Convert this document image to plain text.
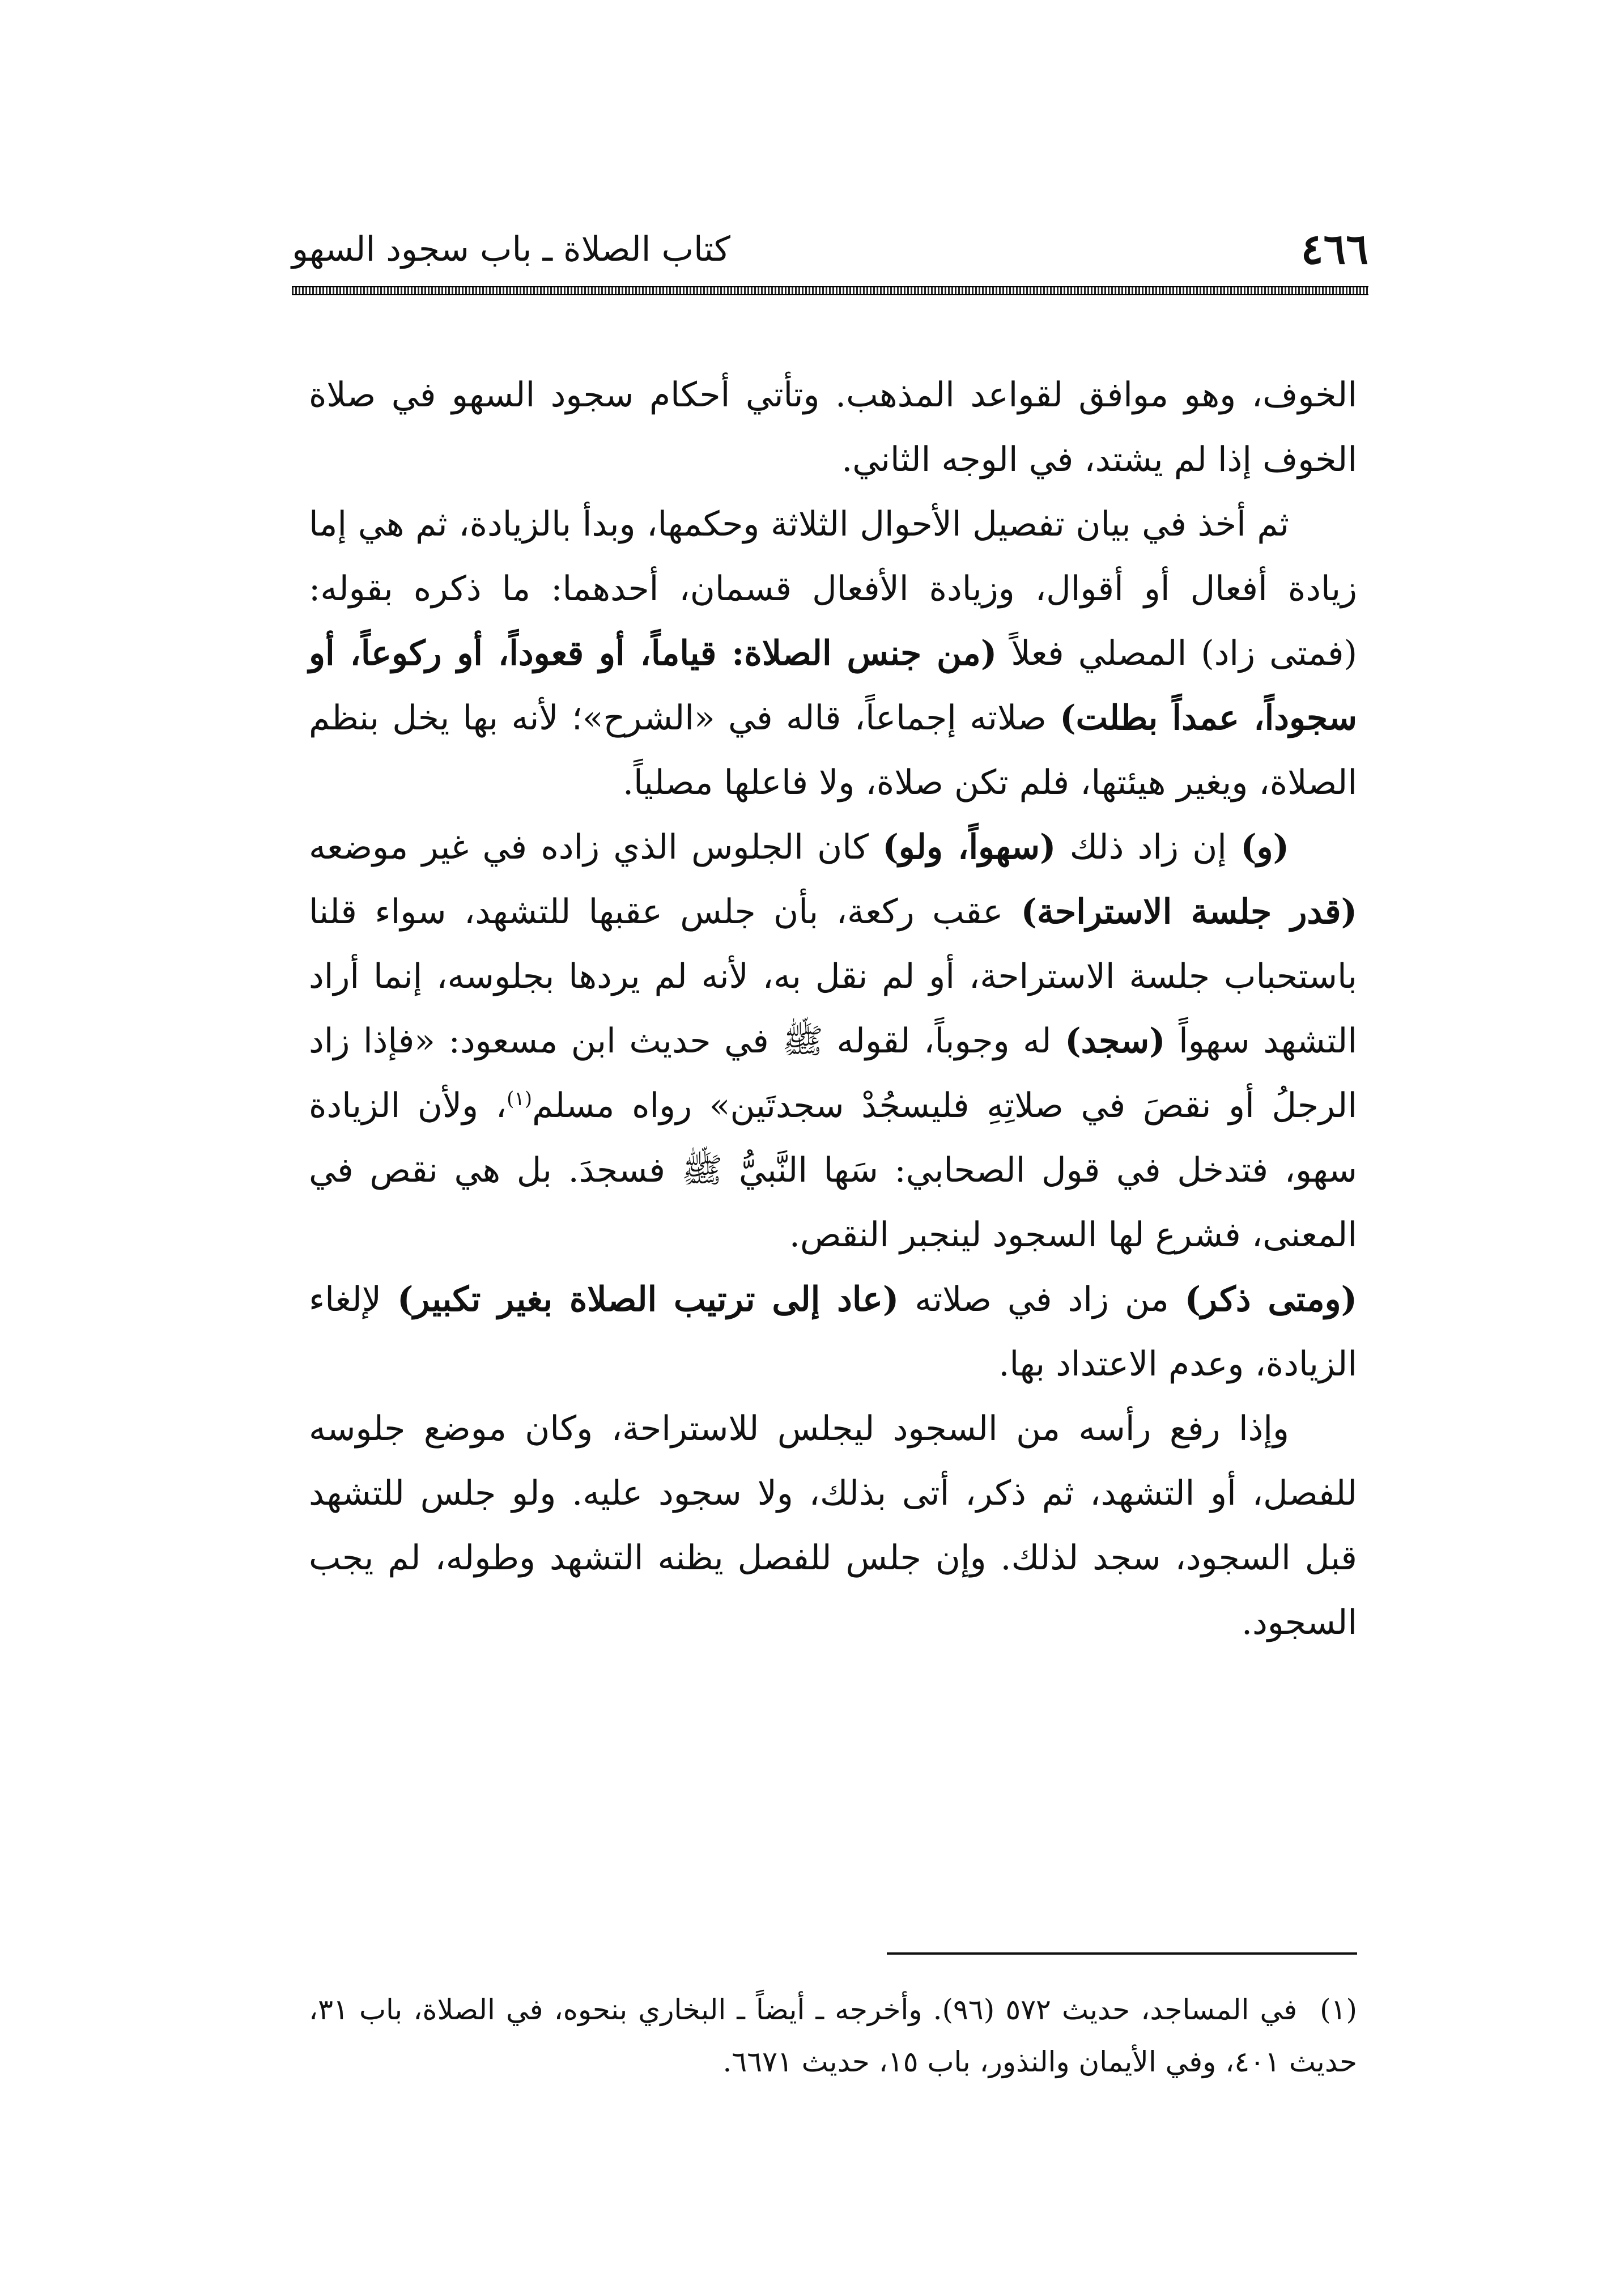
٤٦٦
كتاب الصلاة ـ باب سجود السهو

الخوف، وهو موافق لقواعد المذهب. وتأتي أحكام سجود السهو في صلاة الخوف إذا لم يشتد، في الوجه الثاني.

ثم أخذ في بيان تفصيل الأحوال الثلاثة وحكمها، وبدأ بالزيادة، ثم هي إما زيادة أفعال أو أقوال، وزيادة الأفعال قسمان، أحدهما: ما ذكره بقوله: (فمتى زاد) المصلي فعلاً (من جنس الصلاة: قياماً، أو قعوداً، أو ركوعاً، أو سجوداً، عمداً بطلت) صلاته إجماعاً، قاله في «الشرح»؛ لأنه بها يخل بنظم الصلاة، ويغير هيئتها، فلم تكن صلاة، ولا فاعلها مصلياً.

(و) إن زاد ذلك (سهواً، ولو) كان الجلوس الذي زاده في غير موضعه (قدر جلسة الاستراحة) عقب ركعة، بأن جلس عقبها للتشهد، سواء قلنا باستحباب جلسة الاستراحة، أو لم نقل به، لأنه لم يردها بجلوسه، إنما أراد التشهد سهواً (سجد) له وجوباً، لقوله ﷺ في حديث ابن مسعود: «فإذا زاد الرجلُ أو نقصَ في صلاتِهِ فليسجُدْ سجدتَين» رواه مسلم$^{(١)}$، ولأن الزيادة سهو، فتدخل في قول الصحابي: سَها النَّبيُّ ﷺ فسجدَ. بل هي نقص في المعنى، فشرع لها السجود لينجبر النقص.

(ومتى ذكر) من زاد في صلاته (عاد إلى ترتيب الصلاة بغير تكبير) لإلغاء الزيادة، وعدم الاعتداد بها.

وإذا رفع رأسه من السجود ليجلس للاستراحة، وكان موضع جلوسه للفصل، أو التشهد، ثم ذكر، أتى بذلك، ولا سجود عليه. ولو جلس للتشهد قبل السجود، سجد لذلك. وإن جلس للفصل يظنه التشهد وطوله، لم يجب السجود.

(١)في المساجد، حديث ٥٧٢ (٩٦). وأخرجه ـ أيضاً ـ البخاري بنحوه، في الصلاة، باب ٣١، حديث ٤٠١، وفي الأيمان والنذور، باب ١٥، حديث ٦٦٧١.
